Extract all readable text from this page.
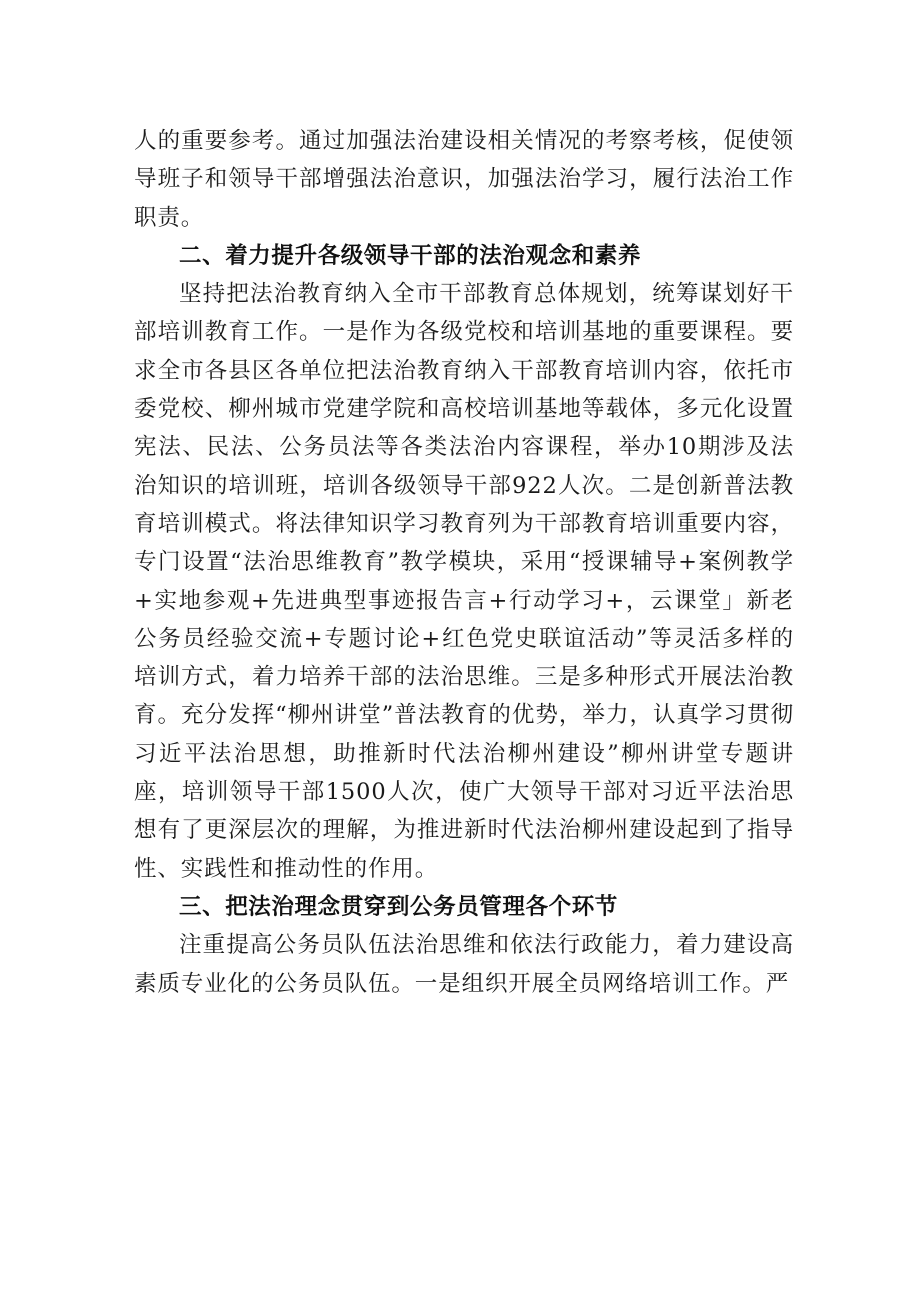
人的重要参考。通过加强法治建设相关情况的考察考核，促使领导班子和领导干部增强法治意识，加强法治学习，履行法治工作职责。

二、着力提升各级领导干部的法治观念和素养

坚持把法治教育纳入全市干部教育总体规划，统筹谋划好干部培训教育工作。一是作为各级党校和培训基地的重要课程。要求全市各县区各单位把法治教育纳入干部教育培训内容，依托市委党校、柳州城市党建学院和高校培训基地等载体，多元化设置宪法、民法、公务员法等各类法治内容课程，举办10期涉及法治知识的培训班，培训各级领导干部922人次。二是创新普法教育培训模式。将法律知识学习教育列为干部教育培训重要内容，专门设置“法治思维教育”教学模块，采用“授课辅导+案例教学+实地参观+先进典型事迹报告言+行动学习+，云课堂」新老公务员经验交流+专题讨论+红色党史联谊活动”等灵活多样的培训方式，着力培养干部的法治思维。三是多种形式开展法治教育。充分发挥“柳州讲堂”普法教育的优势，举力，认真学习贯彻习近平法治思想，助推新时代法治柳州建设”柳州讲堂专题讲座，培训领导干部1500人次，使广大领导干部对习近平法治思想有了更深层次的理解，为推进新时代法治柳州建设起到了指导性、实践性和推动性的作用。

三、把法治理念贯穿到公务员管理各个环节

注重提高公务员队伍法治思维和依法行政能力，着力建设高素质专业化的公务员队伍。一是组织开展全员网络培训工作。严
